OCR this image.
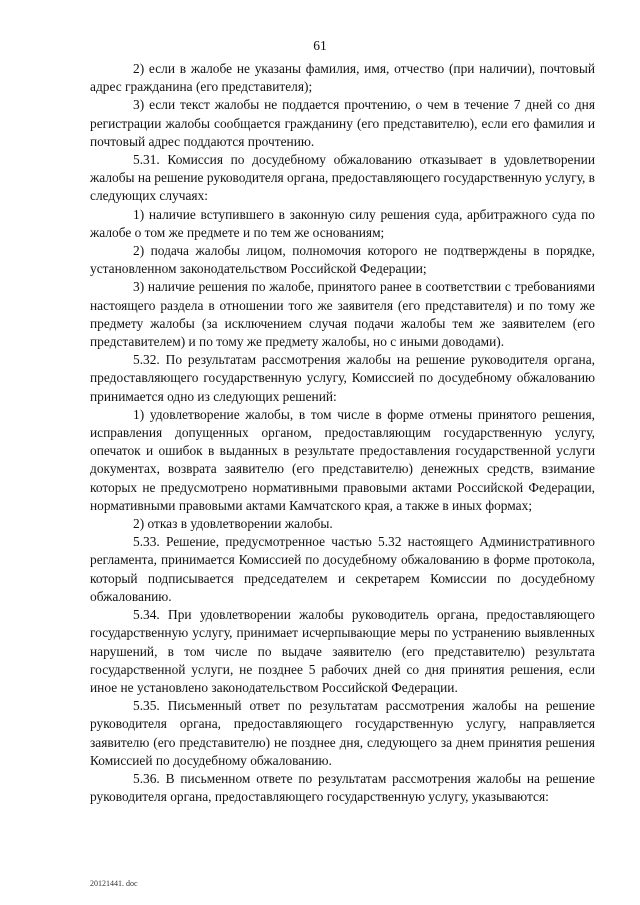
61

2) если в жалобе не указаны фамилия, имя, отчество (при наличии), почтовый адрес гражданина (его представителя);

3) если текст жалобы не поддается прочтению, о чем в течение 7 дней со дня регистрации жалобы сообщается гражданину (его представителю), если его фамилия и почтовый адрес поддаются прочтению.

5.31. Комиссия по досудебному обжалованию отказывает в удовлетворении жалобы на решение руководителя органа, предоставляющего государственную услугу, в следующих случаях:

1) наличие вступившего в законную силу решения суда, арбитражного суда по жалобе о том же предмете и по тем же основаниям;

2) подача жалобы лицом, полномочия которого не подтверждены в порядке, установленном законодательством Российской Федерации;

3) наличие решения по жалобе, принятого ранее в соответствии с требованиями настоящего раздела в отношении того же заявителя (его представителя) и по тому же предмету жалобы (за исключением случая подачи жалобы тем же заявителем (его представителем) и по тому же предмету жалобы, но с иными доводами).

5.32. По результатам рассмотрения жалобы на решение руководителя органа, предоставляющего государственную услугу, Комиссией по досудебному обжалованию принимается одно из следующих решений:

1) удовлетворение жалобы, в том числе в форме отмены принятого решения, исправления допущенных органом, предоставляющим государственную услугу, опечаток и ошибок в выданных в результате предоставления государственной услуги документах, возврата заявителю (его представителю) денежных средств, взимание которых не предусмотрено нормативными правовыми актами Российской Федерации, нормативными правовыми актами Камчатского края, а также в иных формах;

2) отказ в удовлетворении жалобы.

5.33. Решение, предусмотренное частью 5.32 настоящего Административного регламента, принимается Комиссией по досудебному обжалованию в форме протокола, который подписывается председателем и секретарем Комиссии по досудебному обжалованию.

5.34. При удовлетворении жалобы руководитель органа, предоставляющего государственную услугу, принимает исчерпывающие меры по устранению выявленных нарушений, в том числе по выдаче заявителю (его представителю) результата государственной услуги, не позднее 5 рабочих дней со дня принятия решения, если иное не установлено законодательством Российской Федерации.

5.35. Письменный ответ по результатам рассмотрения жалобы на решение руководителя органа, предоставляющего государственную услугу, направляется заявителю (его представителю) не позднее дня, следующего за днем принятия решения Комиссией по досудебному обжалованию.

5.36. В письменном ответе по результатам рассмотрения жалобы на решение руководителя органа, предоставляющего государственную услугу, указываются:

20121441. doc
